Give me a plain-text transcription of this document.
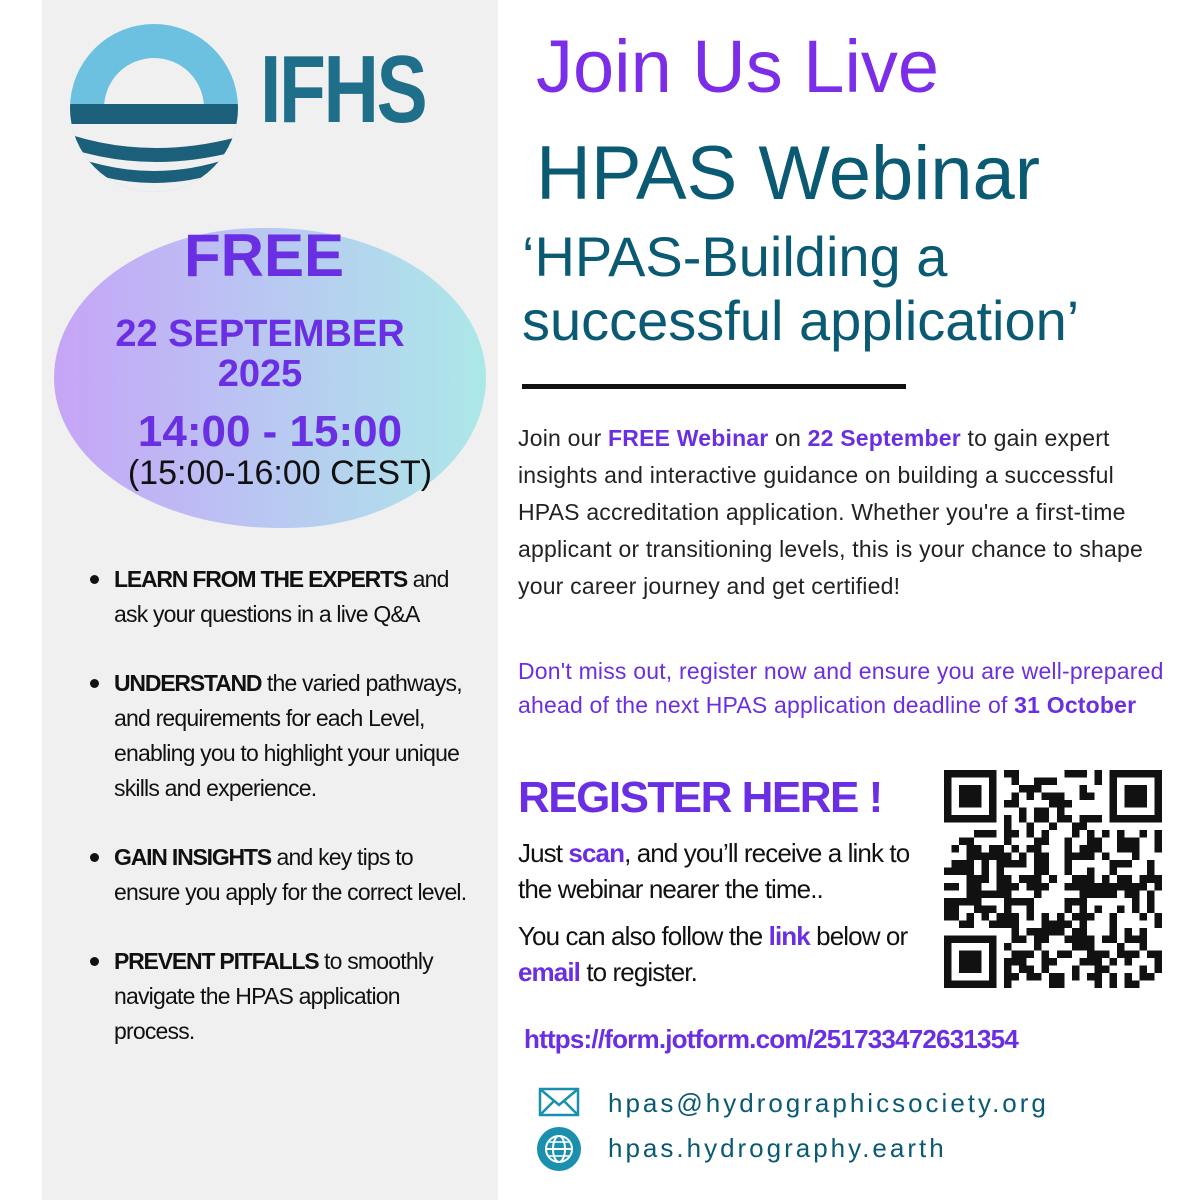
IFHS
FREE
22 SEPTEMBER
2025
14:00 - 15:00
(15:00-16:00 CEST)
LEARN FROM THE EXPERTS and ask your questions in a live Q&A
UNDERSTAND the varied pathways, and requirements for each Level, enabling you to highlight your unique skills and experience.
GAIN INSIGHTS and key tips to ensure you apply for the correct level.
PREVENT PITFALLS to smoothly navigate the HPAS application process.
Join Us Live
HPAS Webinar
‘HPAS-Building a
successful application’
Join our FREE Webinar on 22 September to gain expert insights and interactive guidance on building a successful HPAS accreditation application. Whether you're a first-time applicant or transitioning levels, this is your chance to shape your career journey and get certified!
Don't miss out, register now and ensure you are well-prepared ahead of the next HPAS application deadline of 31 October
REGISTER HERE !
Just scan, and you’ll receive a link to the webinar nearer the time..
You can also follow the link below or email to register.
https://form.jotform.com/251733472631354
hpas@hydrographicsociety.org
hpas.hydrography.earth
